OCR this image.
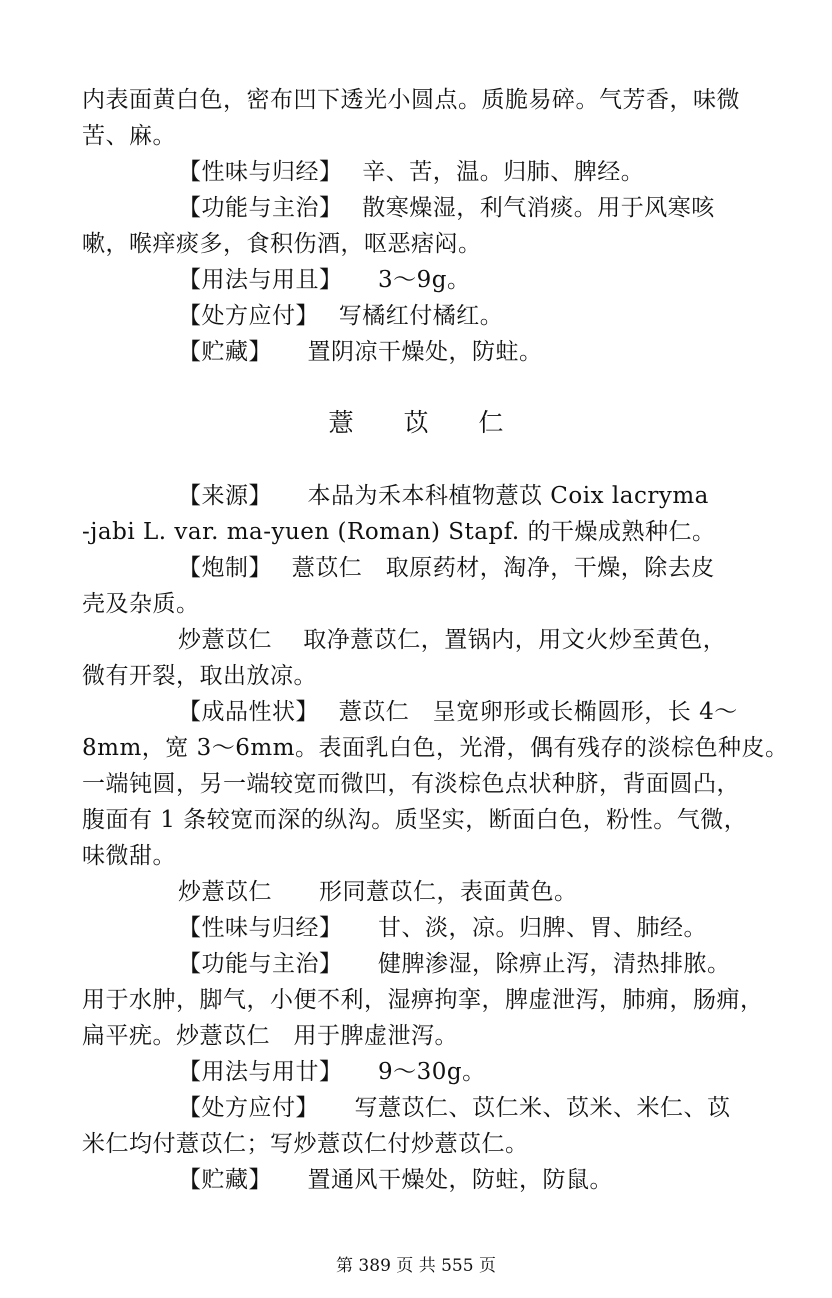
内表面黄白色，密布凹下透光小圆点。质脆易碎。气芳香，味微
苦、麻。
【性味与归经】　 辛、苦，温。归肺、脾经。
【功能与主治】　 散寒燥湿，利气消痰。用于风寒咳
嗽，喉痒痰多，食积伤酒，呕恶痞闷。
【用法与用且】　　3～9g。
【处方应付】　 写橘红付橘红。
【贮藏】　　置阴凉干燥处，防蛀。
薏　　苡　　仁
【来源】　　本品为禾本科植物薏苡 Coix lacryma
-jabi L. var. ma-yuen (Roman) Stapf. 的干燥成熟种仁。
【炮制】　 薏苡仁　取原药材，淘净，干燥，除去皮
壳及杂质。
炒薏苡仁　 取净薏苡仁，置锅内，用文火炒至黄色，
微有开裂，取出放凉。
【成品性状】　 薏苡仁　呈宽卵形或长椭圆形，长 4～
8mm，宽 3～6mm。表面乳白色，光滑，偶有残存的淡棕色种皮。
一端钝圆，另一端较宽而微凹，有淡棕色点状种脐，背面圆凸，
腹面有 1 条较宽而深的纵沟。质坚实，断面白色，粉性。气微，
味微甜。
炒薏苡仁　　形同薏苡仁，表面黄色。
【性味与归经】　　甘、淡，凉。归脾、胃、肺经。
【功能与主治】　　健脾渗湿，除痹止泻，清热排脓。
用于水肿，脚气，小便不利，湿痹拘挛，脾虚泄泻，肺痈，肠痈，
扁平疣。炒薏苡仁　用于脾虚泄泻。
【用法与用廿】　　9～30g。
【处方应付】　　写薏苡仁、苡仁米、苡米、米仁、苡
米仁均付薏苡仁；写炒薏苡仁付炒薏苡仁。
【贮藏】　　置通风干燥处，防蛀，防鼠。
第 389 页 共 555 页
